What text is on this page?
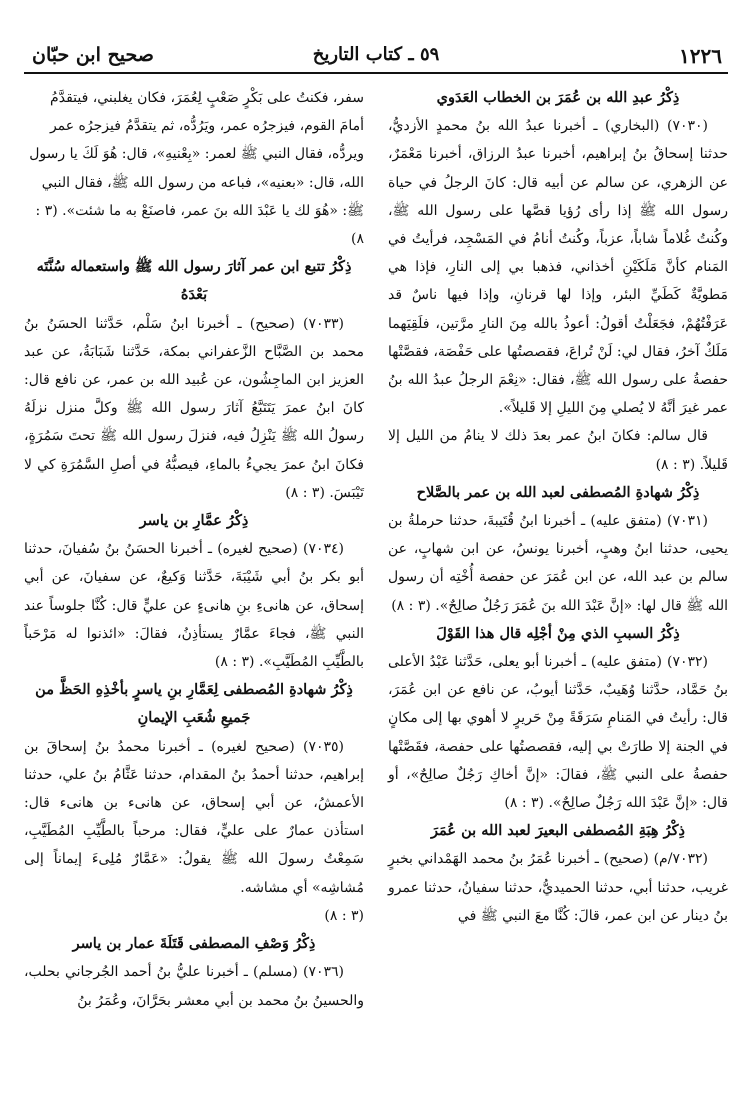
صحيح ابن حبّان	٥٩ ـ كتاب التاريخ	١٢٢٦

ذِكْرُ عبدِ الله بن عُمَرَ بن الخطاب العَدَوي

(٧٠٣٠) (البخاري) ـ أخبرنا عبدُ الله بنُ محمدٍ الأزديُّ، حدثنا إسحاقُ بنُ إبراهيم، أخبرنا عبدُ الرزاق، أخبرنا مَعْمَرٌ، عن الزهري، عن سالم عن أبيه قال: كانَ الرجلُ في حياة رسول الله ﷺ إذا رأى رُؤيا قصَّها على رسول الله ﷺ، وكُنتُ غُلاماً شاباً، عزباً، وكُنتُ أنامُ في المَسْجِد، فرأيتُ في المَنام كأنَّ مَلَكَيْنِ أخذاني، فذهبا بي إلى النارِ، فإذا هي مَطويَّةٌ كَطَيِّ البئر، وإذا لها قرنانِ، وإذا فيها ناسٌ قد عَرَفْتُهُمْ، فجَعَلْتُ أقولُ: أعوذُ بالله مِنَ النارِ مرَّتين، فلَقِيَهما مَلَكٌ آخرُ، فقال لي: لَنْ تُراعَ، فقصصتُها على حَفْصَة، فقصَّتْها حفصةُ على رسول الله ﷺ، فقال: «نِعْمَ الرجلُ عبدُ الله بنُ عمر غيرَ أنَّهُ لا يُصلي مِنَ الليلِ إلا قَليلاً».

قال سالم: فكانَ ابنُ عمر بعدَ ذلك لا ينامُ من الليل إلا قَليلاً. (٣ : ٨)

ذِكْرُ شهادةِ المُصطفى لعبد الله بن عمر بالصَّلاح

(٧٠٣١) (متفق عليه) ـ أخبرنا ابنُ قُتَيبةَ، حدثنا حرملةُ بن يحيى، حدثنا ابنُ وهبٍ، أخبرنا يونسُ، عن ابن شهابٍ، عن سالم بن عبد الله، عن ابن عُمَرَ عن حفصة أُخْتِه أن رسول الله ﷺ قال لها: «إنَّ عَبْدَ الله بنَ عُمَرَ رَجُلٌ صالِحٌ». (٣ : ٨)

ذِكْرُ السببِ الذي مِنْ أجْلِه قال هذا القَوْلَ

(٧٠٣٢) (متفق عليه) ـ أخبرنا أبو يعلى، حَدَّثنا عَبْدُ الأعلى بنُ حَمَّاد، حدَّثنا وُهَيبٌ، حَدَّثنا أيوبُ، عن نافع عن ابن عُمَرَ، قال: رأيتُ في المَنامِ سَرَقَةً مِنْ حَريرٍ لا أهوي بها إلى مكانٍ في الجنة إلا طارَتْ بي إليه، فقصصتُها على حفصة، فقَصَّتْها حفصةُ على النبي ﷺ، فقالَ: «إنَّ أخاكِ رَجُلٌ صالِحٌ»، أو قال: «إنَّ عَبْدَ الله رَجُلٌ صالِحٌ». (٣ : ٨)

ذِكْرُ هِبَةِ المُصطفى البعيرَ لعبد الله بن عُمَرَ

(٧٠٣٢/م) (صحيح) ـ أخبرنا عُمَرُ بنُ محمد الهَمْداني بخبرٍ غريب، حدثنا أبي، حدثنا الحميديُّ، حدثنا سفيانُ، حدثنا عمرو بنُ دينار عن ابن عمر، قالَ: كُنَّا معَ النبي ﷺ في

سفر، فكنتُ على بَكْرٍ صَعْبٍ لِعُمَرَ، فكان يغلبني، فيتقدَّمُ أمامَ القوم، فيزجرُه عمر، ويَرُدُّه، ثم يتقدَّمُ فيزجرُه عمر ويردُّه، فقال النبي ﷺ لعمر: «بِعْنيهِ»، قال: هُوَ لَكَ يا رسول الله، قال: «بعنيه»، فباعه من رسول الله ﷺ، فقال النبي ﷺ: «هُوَ لك يا عَبْدَ الله بنَ عمر، فاصنَعْ به ما شئت». (٣ : ٨)

ذِكْرُ تتبع ابن عمر آثارَ رسول الله ﷺ واستعماله سُنَّتَه بَعْدَهُ

(٧٠٣٣) (صحيح) ـ أخبرنا ابنُ سَلْم، حَدَّثنا الحسَنُ بنُ محمد بن الصَّبَّاح الزَّعفراني بمكة، حَدَّثنا شَبَابَةُ، عن عبد العزيز ابن الماجِشُون، عن عُبيد الله بن عمر، عن نافع قال: كانَ ابنُ عمرَ يَتَتَبَّعُ آثارَ رسول الله ﷺ وكلَّ منزل نزلَهُ رسولُ الله ﷺ يَنْزِلُ فيه، فنزلَ رسول الله ﷺ تحتَ سَمُرَةٍ، فكانَ ابنُ عمرَ يجيءُ بالماءِ، فيصبُّهُ في أصلِ السَّمُرَةِ كي لا تَيْبَسَ. (٣ : ٨)

ذِكْرُ عمَّارِ بن ياسر

(٧٠٣٤) (صحيح لغيره) ـ أخبرنا الحسَنُ بنُ سُفيانَ، حدثنا أبو بكر بنُ أبي شَيْبَةَ، حَدَّثنا وَكيعٌ، عن سفيانَ، عن أبي إسحاق، عن هانىءِ بنِ هانىءٍ عن عليٍّ قال: كُنَّا جلوساً عند النبي ﷺ، فجاءَ عمَّارٌ يستأذِنُ، فقالَ: «ائذنوا له مَرْحَباً بالطَّيِّبِ المُطَيَّبِ». (٣ : ٨)

ذِكْرُ شهادةِ المُصطفى لِعَمَّارِ بنِ ياسرٍ بأخْذِهِ الحَظَّ من جَميعِ شُعَبِ الإيمانِ

(٧٠٣٥) (صحيح لغيره) ـ أخبرنا محمدُ بنُ إسحاقَ بن إبراهيم، حدثنا أحمدُ بنُ المقدام، حدثنا عَثَّامُ بنُ علي، حدثنا الأعمشُ، عن أبي إسحاق، عن هانىء بن هانىء قال: استأذن عمارٌ على عليٍّ، فقال: مرحباً بالطَّيِّبِ المُطَيَّبِ، سَمِعْتُ رسولَ الله ﷺ يقولُ: «عَمَّارٌ مُلِىءَ إيماناً إلى مُشاشِه» أي مشاشه.

(٣ : ٨)

ذِكْرُ وَصْفِ المصطفى قَتَلَةَ عمار بن ياسر

(٧٠٣٦) (مسلم) ـ أخبرنا عليُّ بنُ أحمد الجُرجاني بحلب، والحسينُ بنُ محمد بن أبي معشر بحَرَّانَ، وعُمَرُ بنُ
